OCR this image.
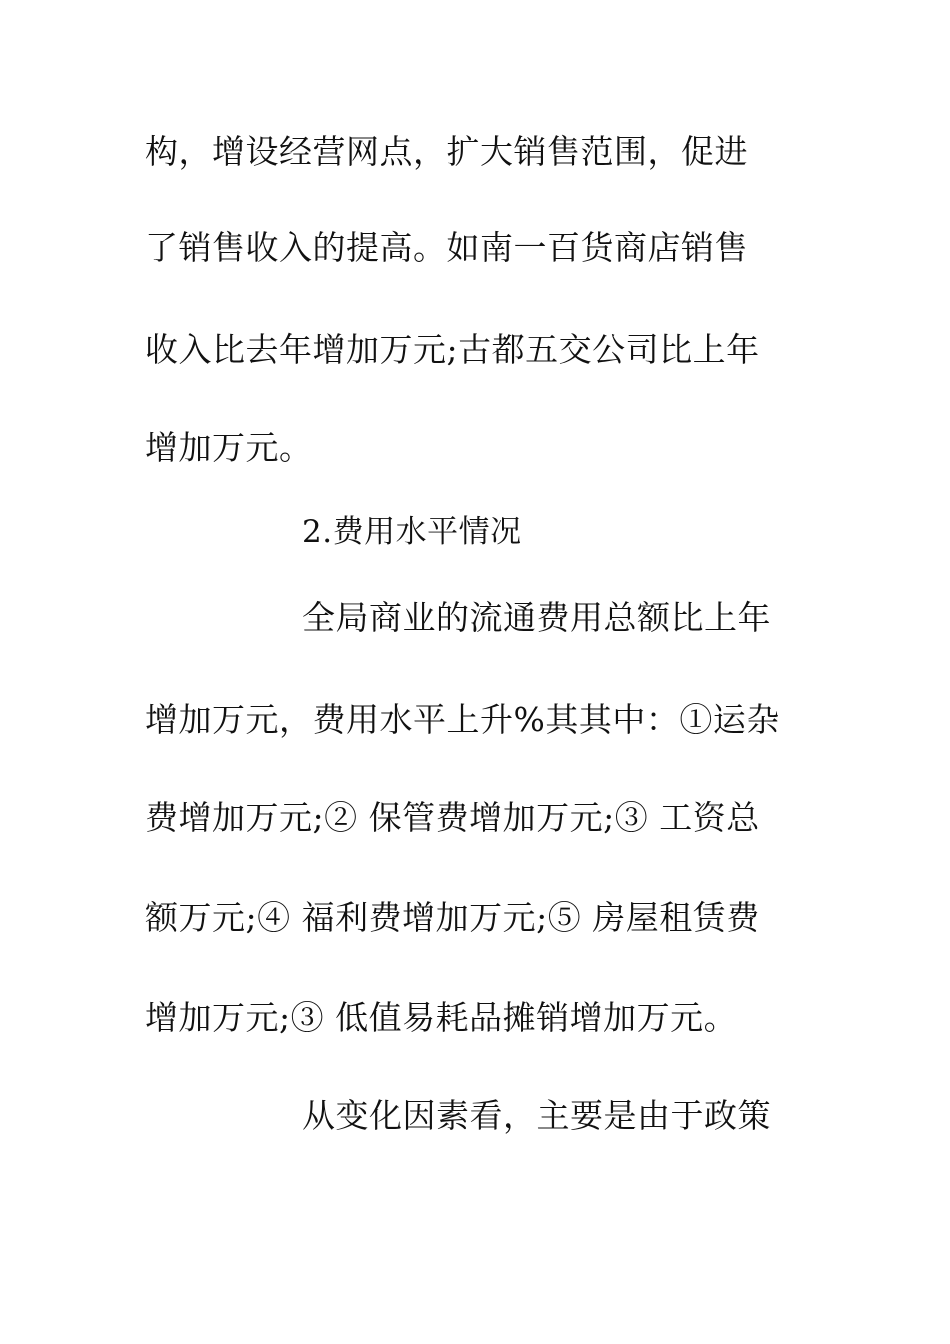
构，增设经营网点，扩大销售范围，促进
了销售收入的提高。如南一百货商店销售
收入比去年增加万元;古都五交公司比上年
增加万元。
2.费用水平情况
全局商业的流通费用总额比上年
增加万元，费用水平上升%其其中：①运杂
费增加万元;② 保管费增加万元;③ 工资总
额万元;④ 福利费增加万元;⑤ 房屋租赁费
增加万元;③ 低值易耗品摊销增加万元。
从变化因素看，主要是由于政策
